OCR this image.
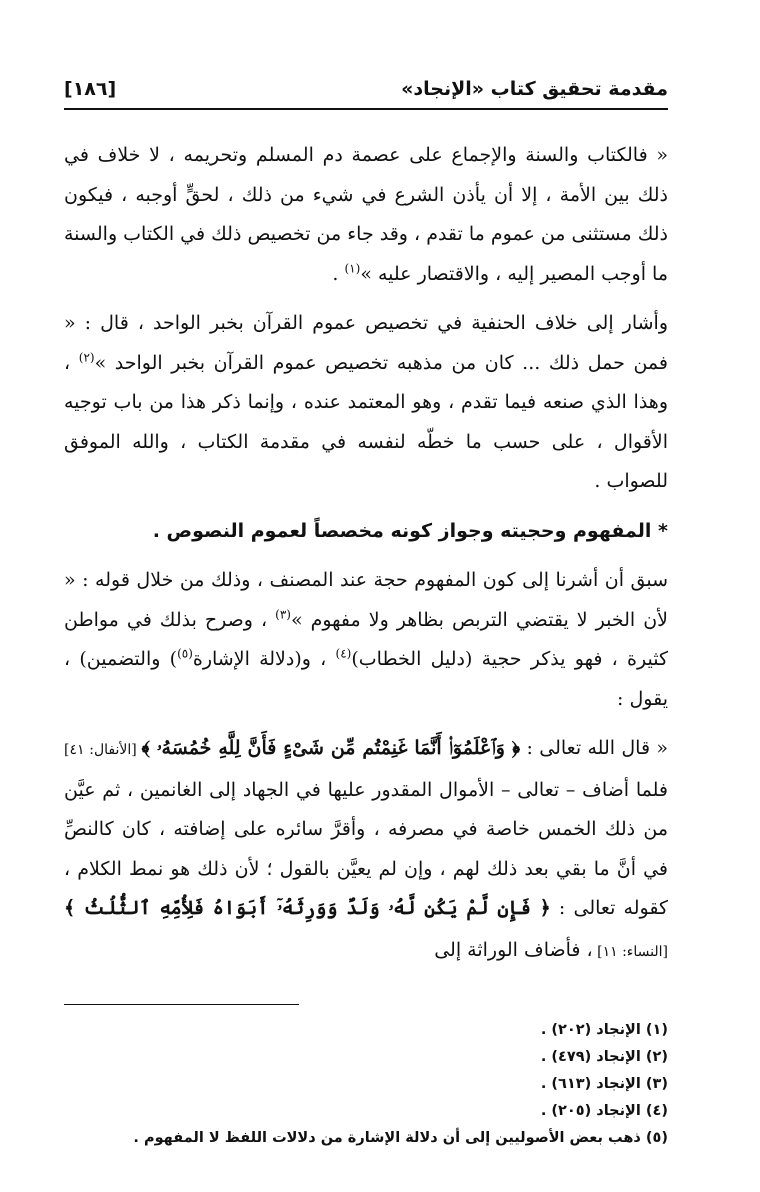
مقدمة تحقيق كتاب «الإنجاد»
[١٨٦]

« فالكتاب والسنة والإجماع على عصمة دم المسلم وتحريمه ، لا خلاف في ذلك بين الأمة ، إلا أن يأذن الشرع في شيء من ذلك ، لحقٍّ أوجبه ، فيكون ذلك مستثنى من عموم ما تقدم ، وقد جاء من تخصيص ذلك في الكتاب والسنة ما أوجب المصير إليه ، والاقتصار عليه »$^{(١)}$ .

وأشار إلى خلاف الحنفية في تخصيص عموم القرآن بخبر الواحد ، قال : « فمن حمل ذلك ... كان من مذهبه تخصيص عموم القرآن بخبر الواحد »$^{(٢)}$ ، وهذا الذي صنعه فيما تقدم ، وهو المعتمد عنده ، وإنما ذكر هذا من باب توجيه الأقوال ، على حسب ما خطّه لنفسه في مقدمة الكتاب ، والله الموفق للصواب .

* المفهوم وحجيته وجواز كونه مخصصاً لعموم النصوص .

سبق أن أشرنا إلى كون المفهوم حجة عند المصنف ، وذلك من خلال قوله : « لأن الخبر لا يقتضي التربص بظاهر ولا مفهوم »$^{(٣)}$ ، وصرح بذلك في مواطن كثيرة ، فهو يذكر حجية (دليل الخطاب)$^{(٤)}$ ، و(دلالة الإشارة$^{(٥)}$) والتضمين) ، يقول :

« قال الله تعالى : ﴿ وَٱعْلَمُوٓا۟ أَنَّمَا غَنِمْتُم مِّن شَىْءٍ فَأَنَّ لِلَّهِ خُمُسَهُۥ ﴾ [الأنفال: ٤١] فلما أضاف – تعالى – الأموال المقدور عليها في الجهاد إلى الغانمين ، ثم عيَّن من ذلك الخمس خاصة في مصرفه ، وأقرَّ سائره على إضافته ، كان كالنصِّ في أنَّ ما بقي بعد ذلك لهم ، وإن لم يعيَّن بالقول ؛ لأن ذلك هو نمط الكلام ، كقوله تعالى : ﴿ فَإِن لَّمْ يَكُن لَّهُۥ وَلَدٌ وَوَرِثَهُۥٓ أَبَوَاهُ فَلِأُمِّهِ ٱلثُّلُثُ ﴾ [النساء: ١١] ، فأضاف الوراثة إلى

(١) الإنجاد (٢٠٢) .
(٢) الإنجاد (٤٧٩) .
(٣) الإنجاد (٦١٣) .
(٤) الإنجاد (٢٠٥) .
(٥) ذهب بعض الأصوليين إلى أن دلالة الإشارة من دلالات اللفظ لا المفهوم .
